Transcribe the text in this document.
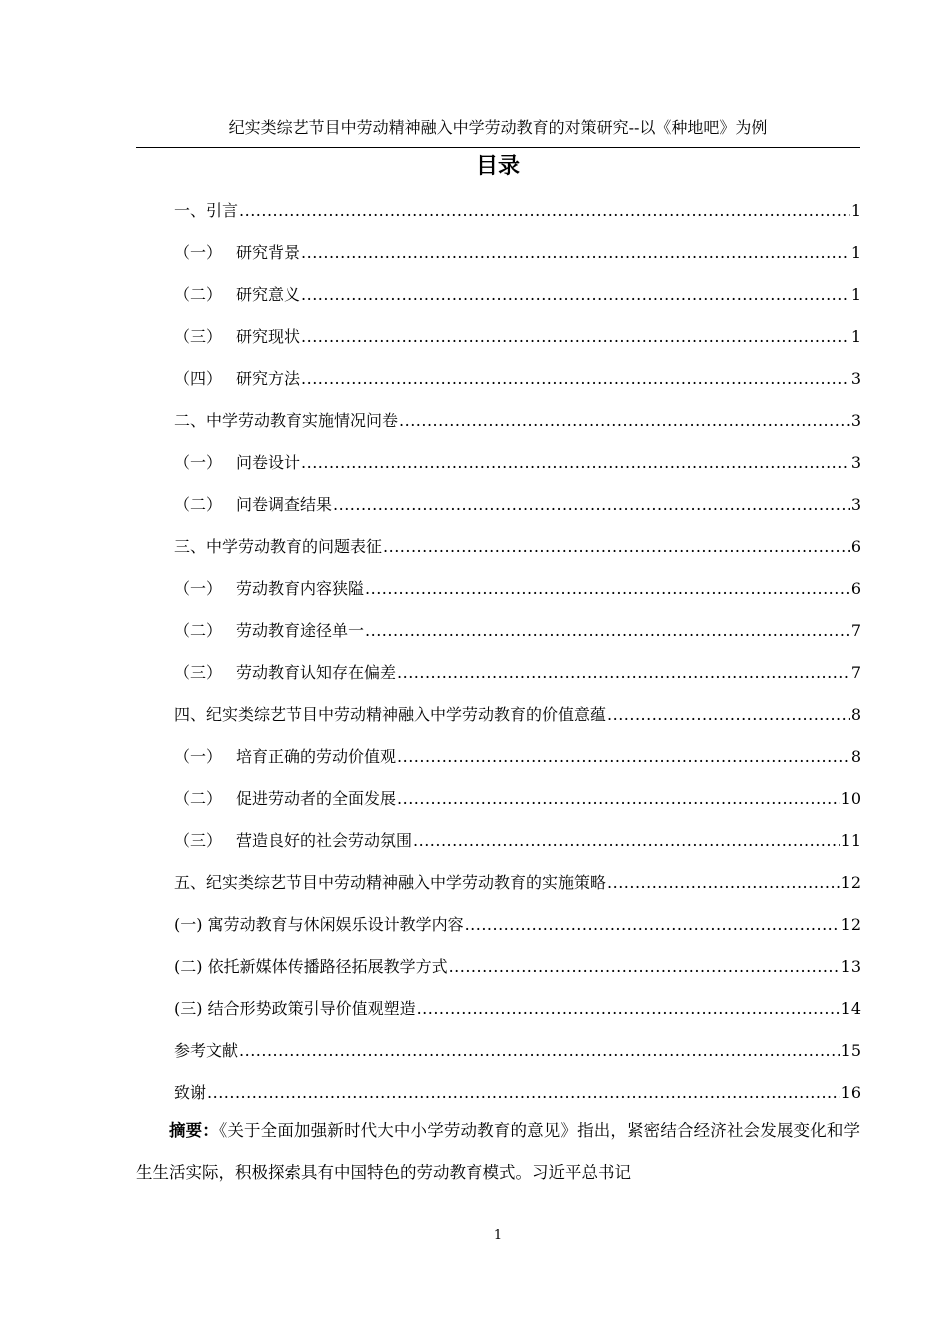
纪实类综艺节目中劳动精神融入中学劳动教育的对策研究--以《种地吧》为例
目录
一、引言 .....	1
（一） 研究背景 .....	1
（二） 研究意义 .....	1
（三） 研究现状 .....	1
（四） 研究方法 .....	3
二、中学劳动教育实施情况问卷 .....	3
（一） 问卷设计 .....	3
（二） 问卷调查结果 .....	3
三、中学劳动教育的问题表征 .....	6
（一） 劳动教育内容狭隘 .....	6
（二） 劳动教育途径单一 .....	7
（三） 劳动教育认知存在偏差 .....	7
四、纪实类综艺节目中劳动精神融入中学劳动教育的价值意蕴 .....	8
（一） 培育正确的劳动价值观 .....	8
（二） 促进劳动者的全面发展 .....	10
（三） 营造良好的社会劳动氛围 .....	11
五、纪实类综艺节目中劳动精神融入中学劳动教育的实施策略 .....	12
(一) 寓劳动教育与休闲娱乐设计教学内容 .....	12
(二) 依托新媒体传播路径拓展教学方式 .....	13
(三) 结合形势政策引导价值观塑造 .....	14
参考文献 .....	15
致谢 .....	16
摘要：《关于全面加强新时代大中小学劳动教育的意见》指出，紧密结合经济社会发展变化和学生生活实际，积极探索具有中国特色的劳动教育模式。习近平总书记
1
